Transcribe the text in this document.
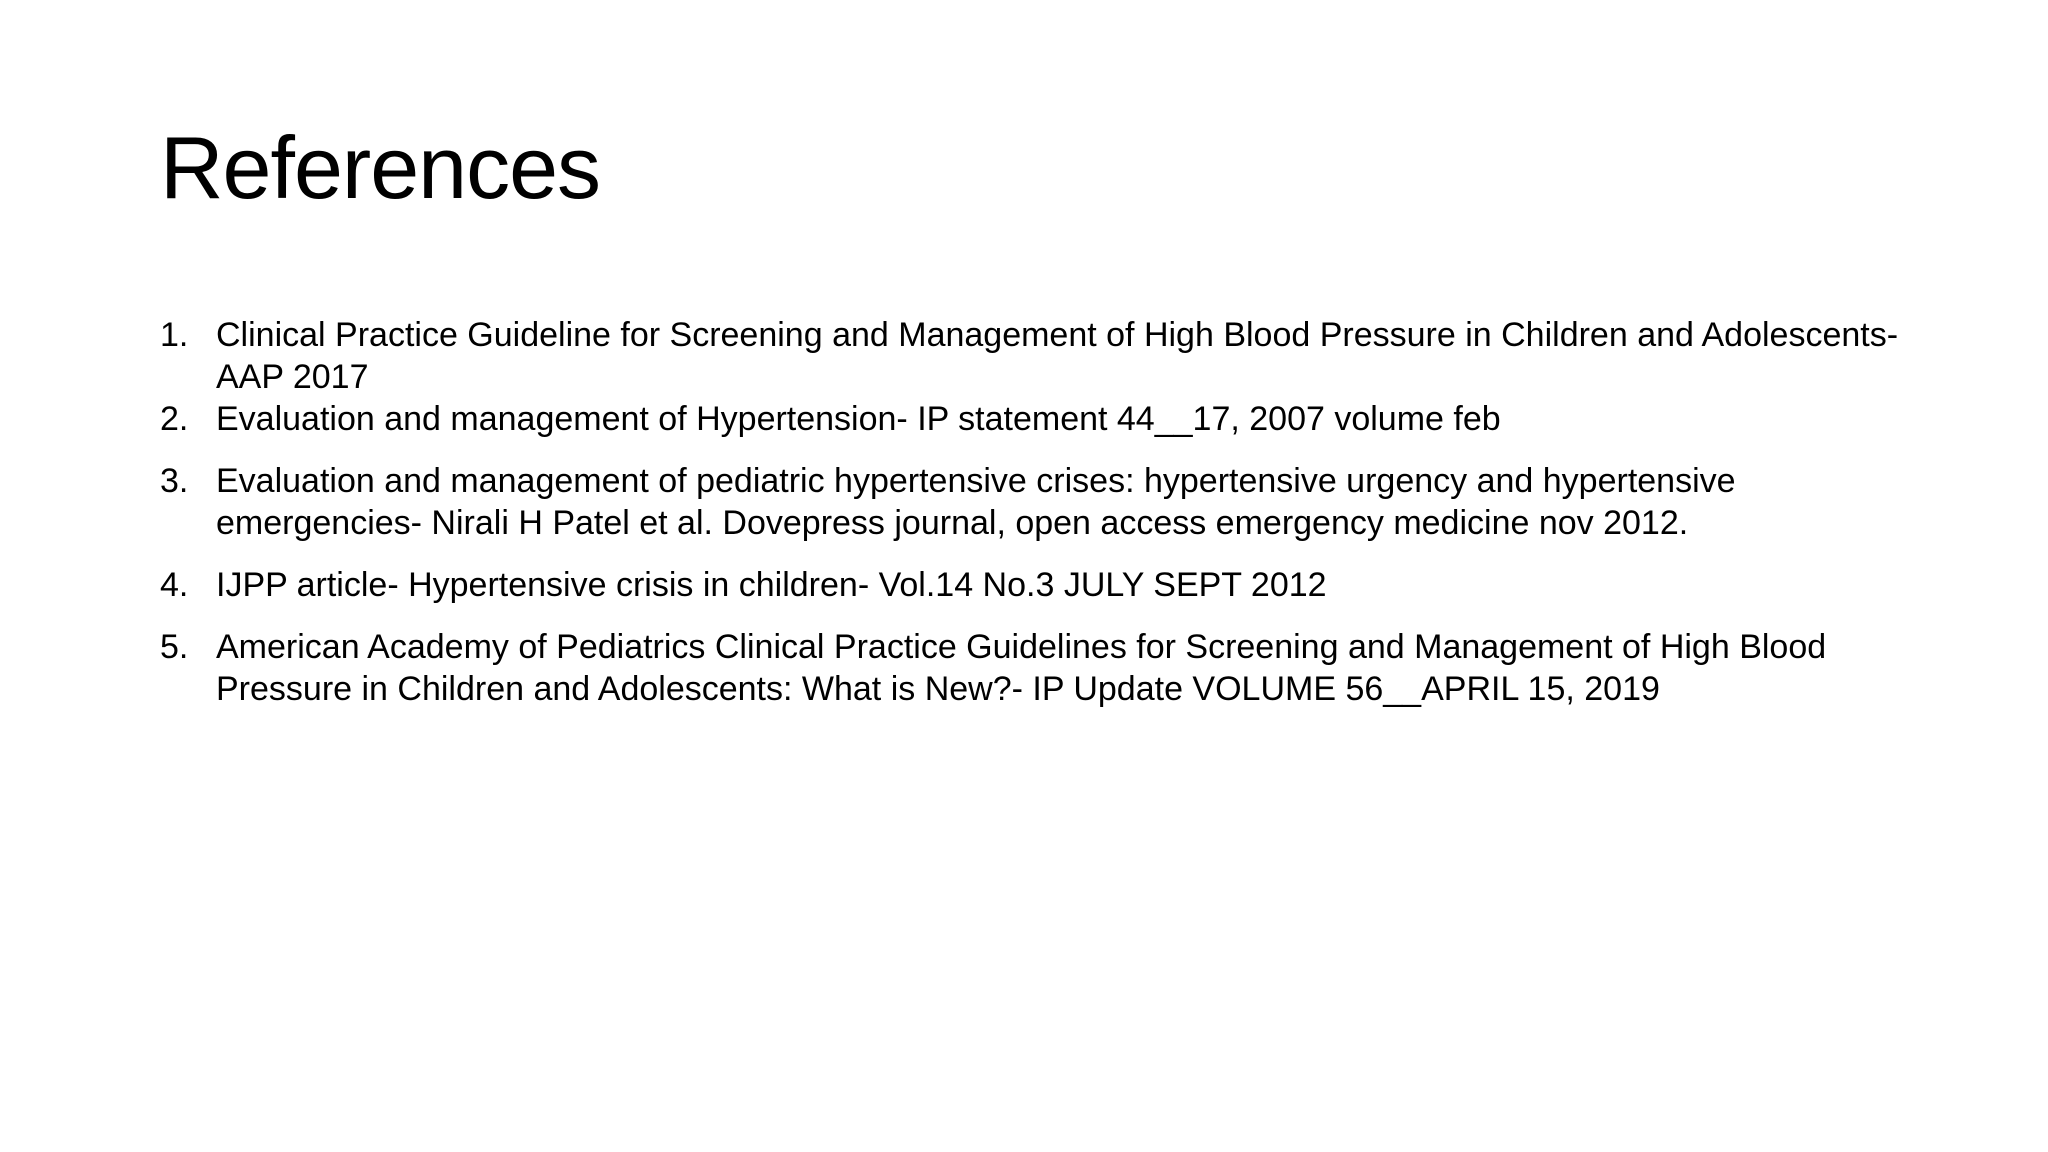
References
1. Clinical Practice Guideline for Screening and Management of High Blood Pressure in Children and Adolescents- AAP 2017
2. Evaluation and management of Hypertension- IP statement 44__17, 2007 volume feb
3. Evaluation and management of pediatric hypertensive crises: hypertensive urgency and hypertensive emergencies- Nirali H Patel et al. Dovepress journal, open access emergency medicine nov 2012.
4. IJPP article- Hypertensive crisis in children- Vol.14 No.3 JULY SEPT 2012
5. American Academy of Pediatrics Clinical Practice Guidelines for Screening and Management of High Blood Pressure in Children and Adolescents: What is New?- IP Update VOLUME 56__APRIL 15, 2019
